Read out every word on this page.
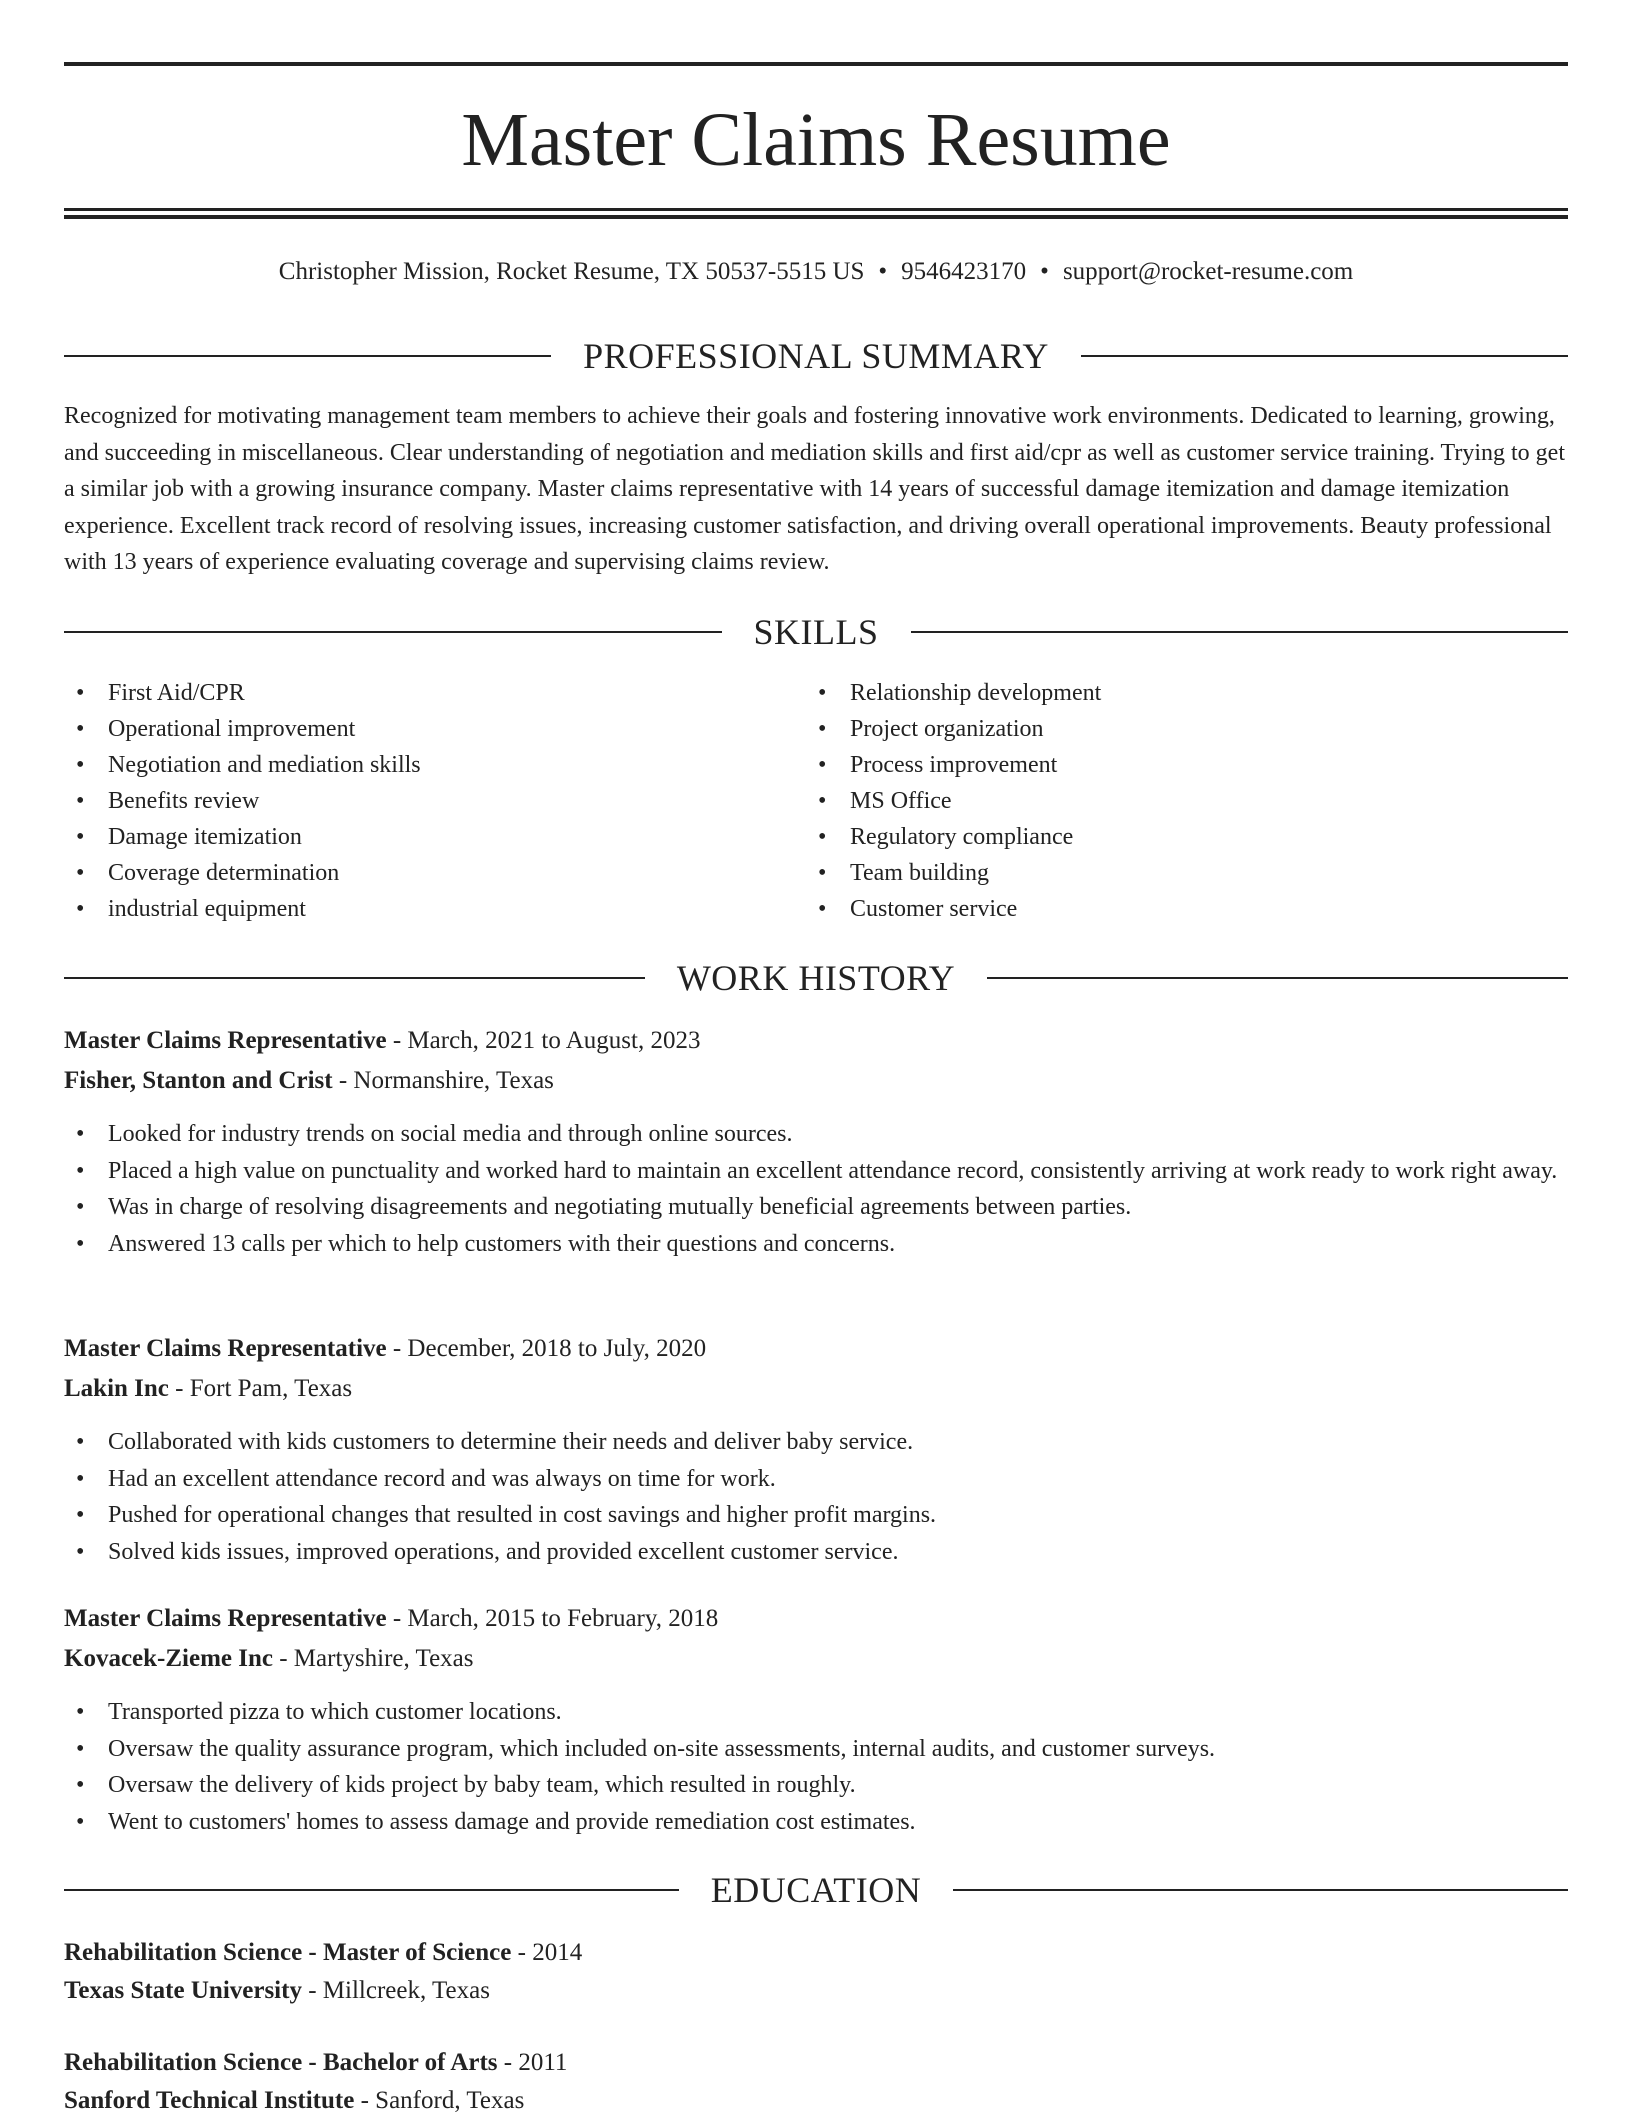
Master Claims Resume
Christopher Mission, Rocket Resume, TX 50537-5515 US • 9546423170 • support@rocket-resume.com
PROFESSIONAL SUMMARY
Recognized for motivating management team members to achieve their goals and fostering innovative work environments. Dedicated to learning, growing, and succeeding in miscellaneous. Clear understanding of negotiation and mediation skills and first aid/cpr as well as customer service training. Trying to get a similar job with a growing insurance company. Master claims representative with 14 years of successful damage itemization and damage itemization experience. Excellent track record of resolving issues, increasing customer satisfaction, and driving overall operational improvements. Beauty professional with 13 years of experience evaluating coverage and supervising claims review.
SKILLS
• First Aid/CPR
• Operational improvement
• Negotiation and mediation skills
• Benefits review
• Damage itemization
• Coverage determination
• industrial equipment
• Relationship development
• Project organization
• Process improvement
• MS Office
• Regulatory compliance
• Team building
• Customer service
WORK HISTORY
Master Claims Representative - March, 2021 to August, 2023
Fisher, Stanton and Crist - Normanshire, Texas
• Looked for industry trends on social media and through online sources.
• Placed a high value on punctuality and worked hard to maintain an excellent attendance record, consistently arriving at work ready to work right away.
• Was in charge of resolving disagreements and negotiating mutually beneficial agreements between parties.
• Answered 13 calls per which to help customers with their questions and concerns.
Master Claims Representative - December, 2018 to July, 2020
Lakin Inc - Fort Pam, Texas
• Collaborated with kids customers to determine their needs and deliver baby service.
• Had an excellent attendance record and was always on time for work.
• Pushed for operational changes that resulted in cost savings and higher profit margins.
• Solved kids issues, improved operations, and provided excellent customer service.
Master Claims Representative - March, 2015 to February, 2018
Kovacek-Zieme Inc - Martyshire, Texas
• Transported pizza to which customer locations.
• Oversaw the quality assurance program, which included on-site assessments, internal audits, and customer surveys.
• Oversaw the delivery of kids project by baby team, which resulted in roughly.
• Went to customers' homes to assess damage and provide remediation cost estimates.
EDUCATION
Rehabilitation Science - Master of Science - 2014
Texas State University - Millcreek, Texas
Rehabilitation Science - Bachelor of Arts - 2011
Sanford Technical Institute - Sanford, Texas
